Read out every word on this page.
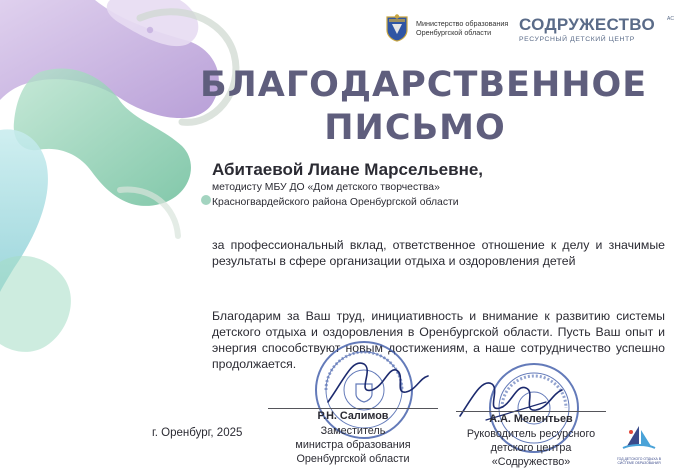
Министерство образования
Оренбургской области	СОДРУЖЕСТВО AC
РЕСУРСНЫЙ ДЕТСКИЙ ЦЕНТР
БЛАГОДАРСТВЕННОЕ
ПИСЬМО
Абитаевой Лиане Марсельевне,
методисту МБУ ДО «Дом детского творчества»
Красногвардейского района Оренбургской области
за профессиональный вклад, ответственное отношение к делу и значимые результаты в сфере организации отдыха и оздоровления детей
Благодарим за Ваш труд, инициативность и внимание к развитию системы детского отдыха и оздоровления в Оренбургской области. Пусть Ваш опыт и энергия способствуют новым достижениям, а наше сотрудничество успешно продолжается.
г. Оренбург, 2025
Р.Н. Салимов
Заместитель
министра образования
Оренбургской области
А.А. Мелентьев
Руководитель ресурсного
детского центра
«Содружество»	ГОД ДЕТСКОГО ОТДЫХА В СИСТЕМЕ ОБРАЗОВАНИЯ
